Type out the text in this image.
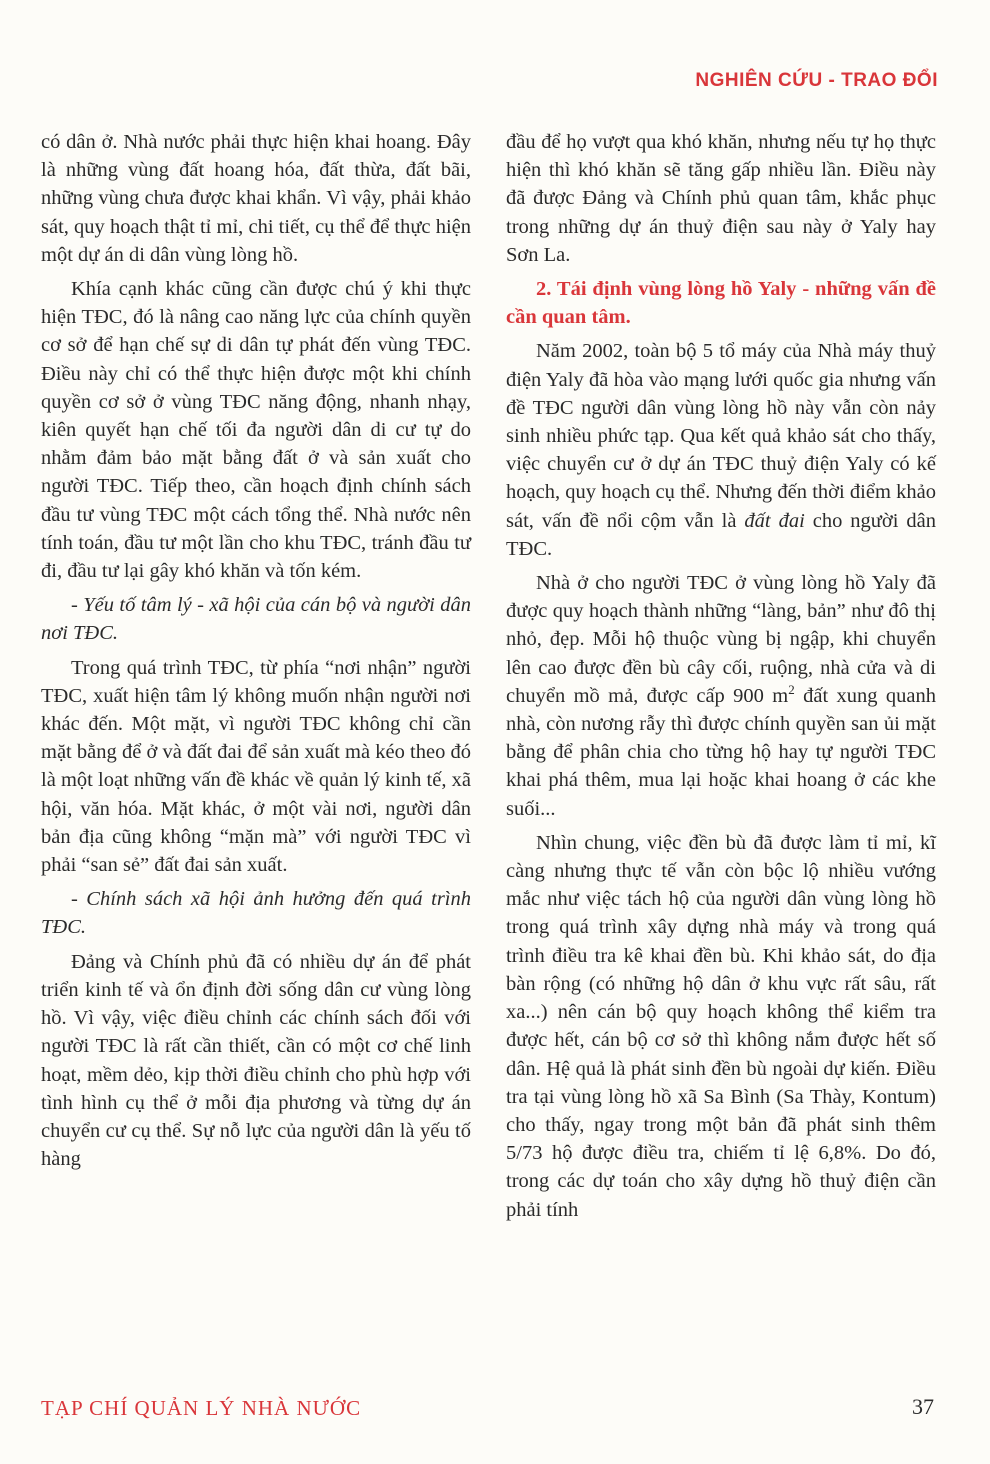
NGHIÊN CỨU - TRAO ĐỔI

có dân ở. Nhà nước phải thực hiện khai hoang. Đây là những vùng đất hoang hóa, đất thừa, đất bãi, những vùng chưa được khai khẩn. Vì vậy, phải khảo sát, quy hoạch thật tỉ mỉ, chi tiết, cụ thể để thực hiện một dự án di dân vùng lòng hồ.

Khía cạnh khác cũng cần được chú ý khi thực hiện TĐC, đó là nâng cao năng lực của chính quyền cơ sở để hạn chế sự di dân tự phát đến vùng TĐC. Điều này chỉ có thể thực hiện được một khi chính quyền cơ sở ở vùng TĐC năng động, nhanh nhạy, kiên quyết hạn chế tối đa người dân di cư tự do nhằm đảm bảo mặt bằng đất ở và sản xuất cho người TĐC. Tiếp theo, cần hoạch định chính sách đầu tư vùng TĐC một cách tổng thể. Nhà nước nên tính toán, đầu tư một lần cho khu TĐC, tránh đầu tư đi, đầu tư lại gây khó khăn và tốn kém.

- Yếu tố tâm lý - xã hội của cán bộ và người dân nơi TĐC.

Trong quá trình TĐC, từ phía “nơi nhận” người TĐC, xuất hiện tâm lý không muốn nhận người nơi khác đến. Một mặt, vì người TĐC không chỉ cần mặt bằng để ở và đất đai để sản xuất mà kéo theo đó là một loạt những vấn đề khác về quản lý kinh tế, xã hội, văn hóa. Mặt khác, ở một vài nơi, người dân bản địa cũng không “mặn mà” với người TĐC vì phải “san sẻ” đất đai sản xuất.

- Chính sách xã hội ảnh hưởng đến quá trình TĐC.

Đảng và Chính phủ đã có nhiều dự án để phát triển kinh tế và ổn định đời sống dân cư vùng lòng hồ. Vì vậy, việc điều chỉnh các chính sách đối với người TĐC là rất cần thiết, cần có một cơ chế linh hoạt, mềm dẻo, kịp thời điều chỉnh cho phù hợp với tình hình cụ thể ở mỗi địa phương và từng dự án chuyển cư cụ thể. Sự nỗ lực của người dân là yếu tố hàng

đầu để họ vượt qua khó khăn, nhưng nếu tự họ thực hiện thì khó khăn sẽ tăng gấp nhiều lần. Điều này đã được Đảng và Chính phủ quan tâm, khắc phục trong những dự án thuỷ điện sau này ở Yaly hay Sơn La.

2. Tái định vùng lòng hồ Yaly - những vấn đề cần quan tâm.

Năm 2002, toàn bộ 5 tổ máy của Nhà máy thuỷ điện Yaly đã hòa vào mạng lưới quốc gia nhưng vấn đề TĐC người dân vùng lòng hồ này vẫn còn nảy sinh nhiều phức tạp. Qua kết quả khảo sát cho thấy, việc chuyển cư ở dự án TĐC thuỷ điện Yaly có kế hoạch, quy hoạch cụ thể. Nhưng đến thời điểm khảo sát, vấn đề nổi cộm vẫn là đất đai cho người dân TĐC.

Nhà ở cho người TĐC ở vùng lòng hồ Yaly đã được quy hoạch thành những “làng, bản” như đô thị nhỏ, đẹp. Mỗi hộ thuộc vùng bị ngập, khi chuyển lên cao được đền bù cây cối, ruộng, nhà cửa và di chuyển mồ mả, được cấp 900 $m^2$ đất xung quanh nhà, còn nương rẫy thì được chính quyền san ủi mặt bằng để phân chia cho từng hộ hay tự người TĐC khai phá thêm, mua lại hoặc khai hoang ở các khe suối...

Nhìn chung, việc đền bù đã được làm tỉ mỉ, kĩ càng nhưng thực tế vẫn còn bộc lộ nhiều vướng mắc như việc tách hộ của người dân vùng lòng hồ trong quá trình xây dựng nhà máy và trong quá trình điều tra kê khai đền bù. Khi khảo sát, do địa bàn rộng (có những hộ dân ở khu vực rất sâu, rất xa...) nên cán bộ quy hoạch không thể kiểm tra được hết, cán bộ cơ sở thì không nắm được hết số dân. Hệ quả là phát sinh đền bù ngoài dự kiến. Điều tra tại vùng lòng hồ xã Sa Bình (Sa Thày, Kontum) cho thấy, ngay trong một bản đã phát sinh thêm 5/73 hộ được điều tra, chiếm tỉ lệ 6,8%. Do đó, trong các dự toán cho xây dựng hồ thuỷ điện cần phải tính

TẠP CHÍ QUẢN LÝ NHÀ NƯỚC	37
